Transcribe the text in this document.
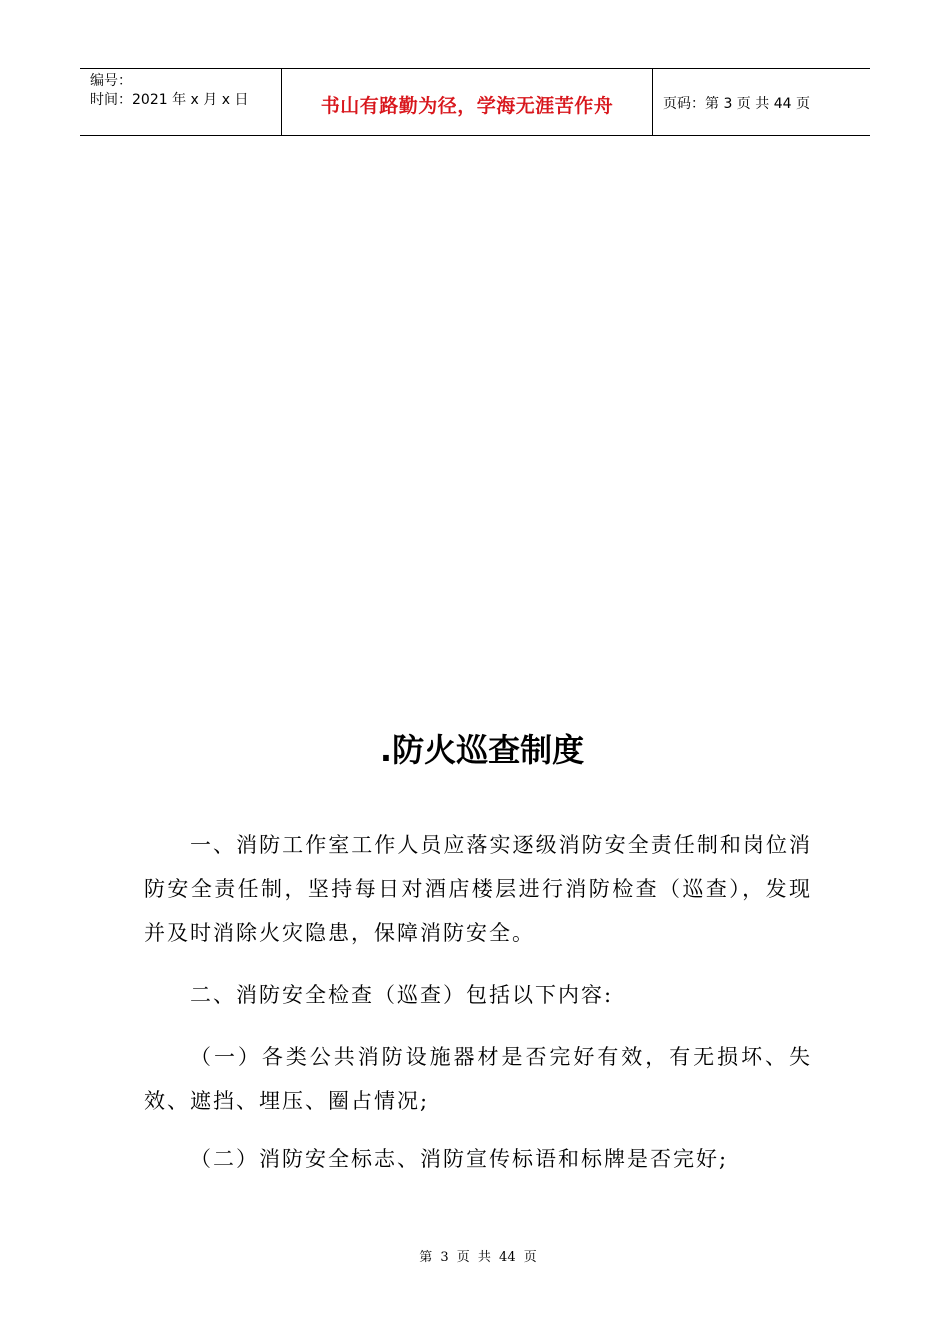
编号：
时间：2021 年 x 月 x 日	书山有路勤为径，学海无涯苦作舟	页码：第 3 页 共 44 页
.防火巡查制度

一、消防工作室工作人员应落实逐级消防安全责任制和岗位消防安全责任制，坚持每日对酒店楼层进行消防检查（巡查），发现并及时消除火灾隐患，保障消防安全。

二、消防安全检查（巡查）包括以下内容:

（一）各类公共消防设施器材是否完好有效，有无损坏、失效、遮挡、埋压、圈占情况;

（二）消防安全标志、消防宣传标语和标牌是否完好;

第 3 页 共 44 页
